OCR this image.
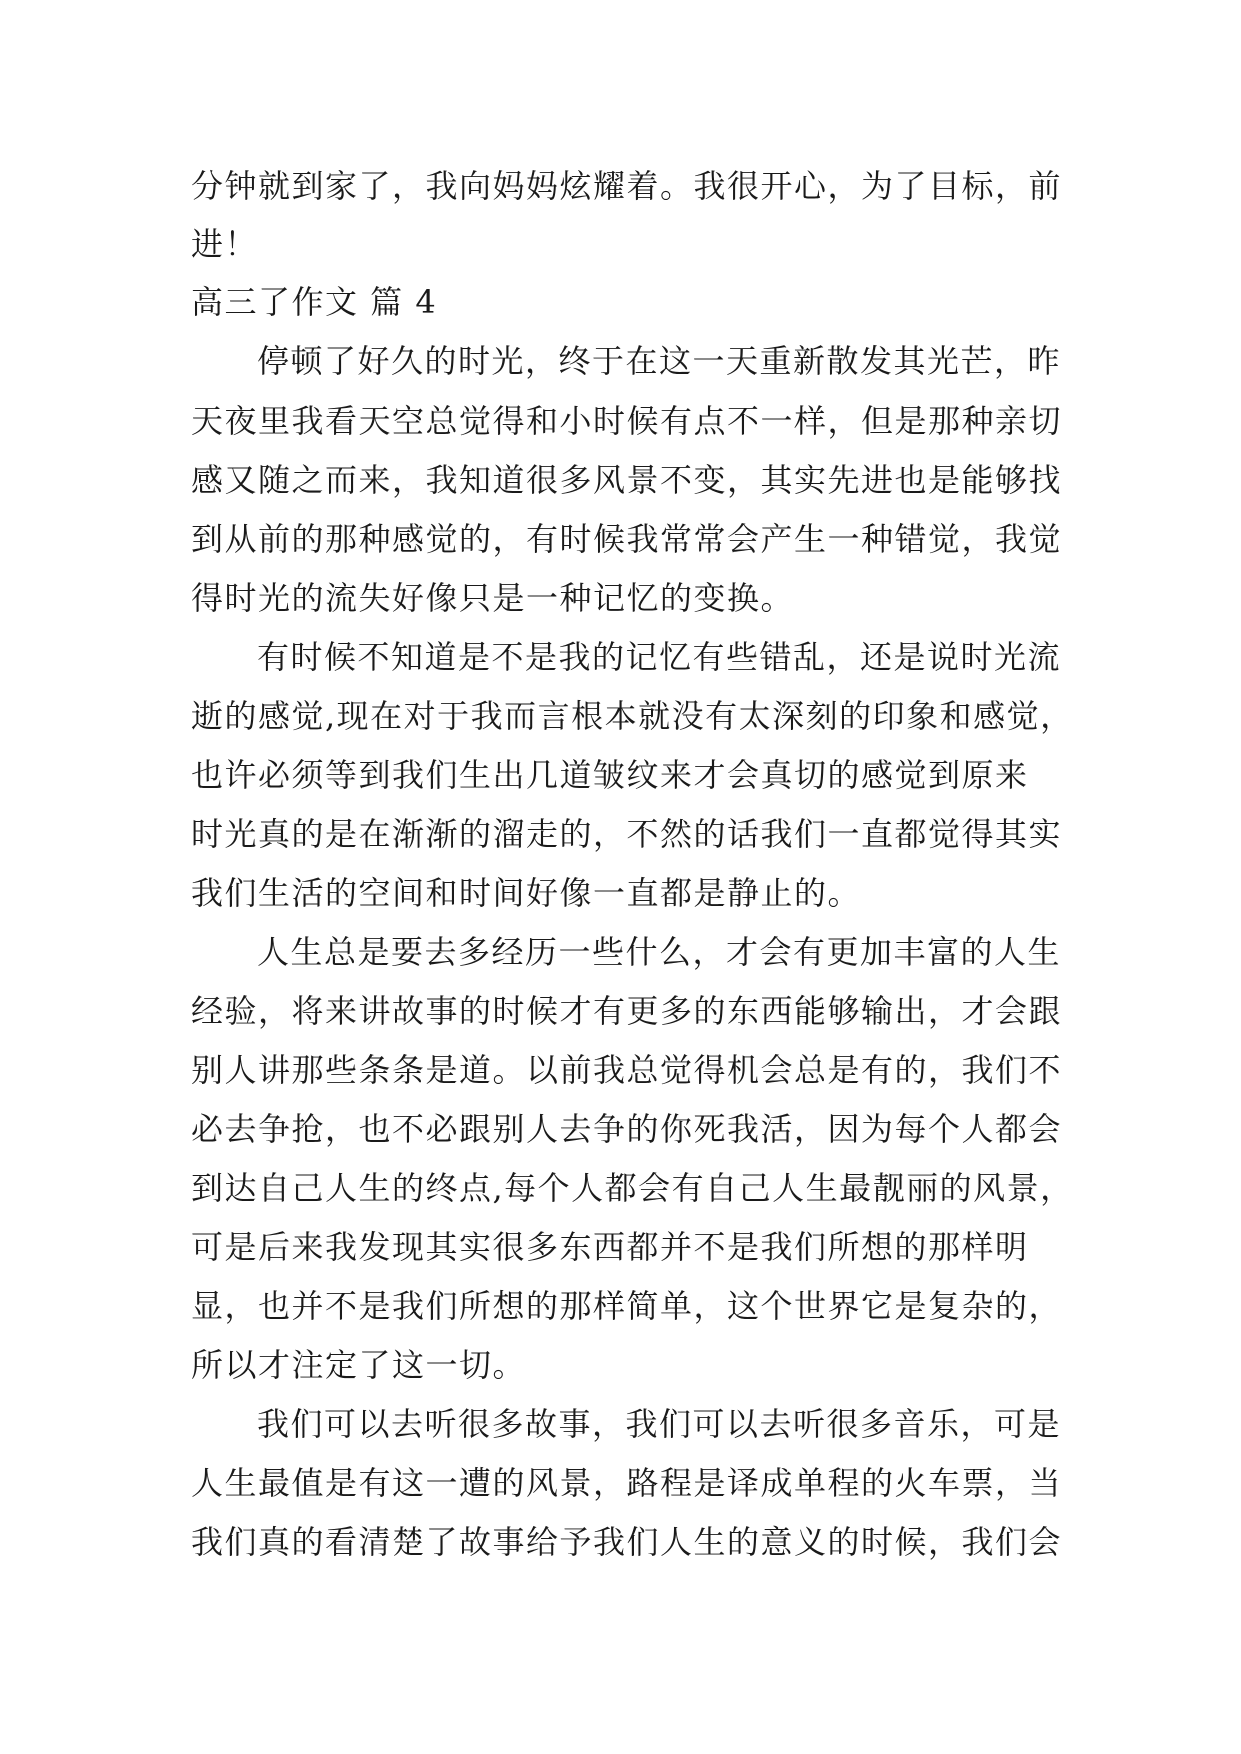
分钟就到家了，我向妈妈炫耀着。我很开心，为了目标，前
进！
高三了作文 篇 4
停顿了好久的时光，终于在这一天重新散发其光芒，昨
天夜里我看天空总觉得和小时候有点不一样，但是那种亲切
感又随之而来，我知道很多风景不变，其实先进也是能够找
到从前的那种感觉的，有时候我常常会产生一种错觉，我觉
得时光的流失好像只是一种记忆的变换。
有时候不知道是不是我的记忆有些错乱，还是说时光流
逝的感觉,现在对于我而言根本就没有太深刻的印象和感觉，
也许必须等到我们生出几道皱纹来才会真切的感觉到原来
时光真的是在渐渐的溜走的，不然的话我们一直都觉得其实
我们生活的空间和时间好像一直都是静止的。
人生总是要去多经历一些什么，才会有更加丰富的人生
经验，将来讲故事的时候才有更多的东西能够输出，才会跟
别人讲那些条条是道。以前我总觉得机会总是有的，我们不
必去争抢，也不必跟别人去争的你死我活，因为每个人都会
到达自己人生的终点,每个人都会有自己人生最靓丽的风景，
可是后来我发现其实很多东西都并不是我们所想的那样明
显，也并不是我们所想的那样简单，这个世界它是复杂的，
所以才注定了这一切。
我们可以去听很多故事，我们可以去听很多音乐，可是
人生最值是有这一遭的风景，路程是译成单程的火车票，当
我们真的看清楚了故事给予我们人生的意义的时候，我们会
